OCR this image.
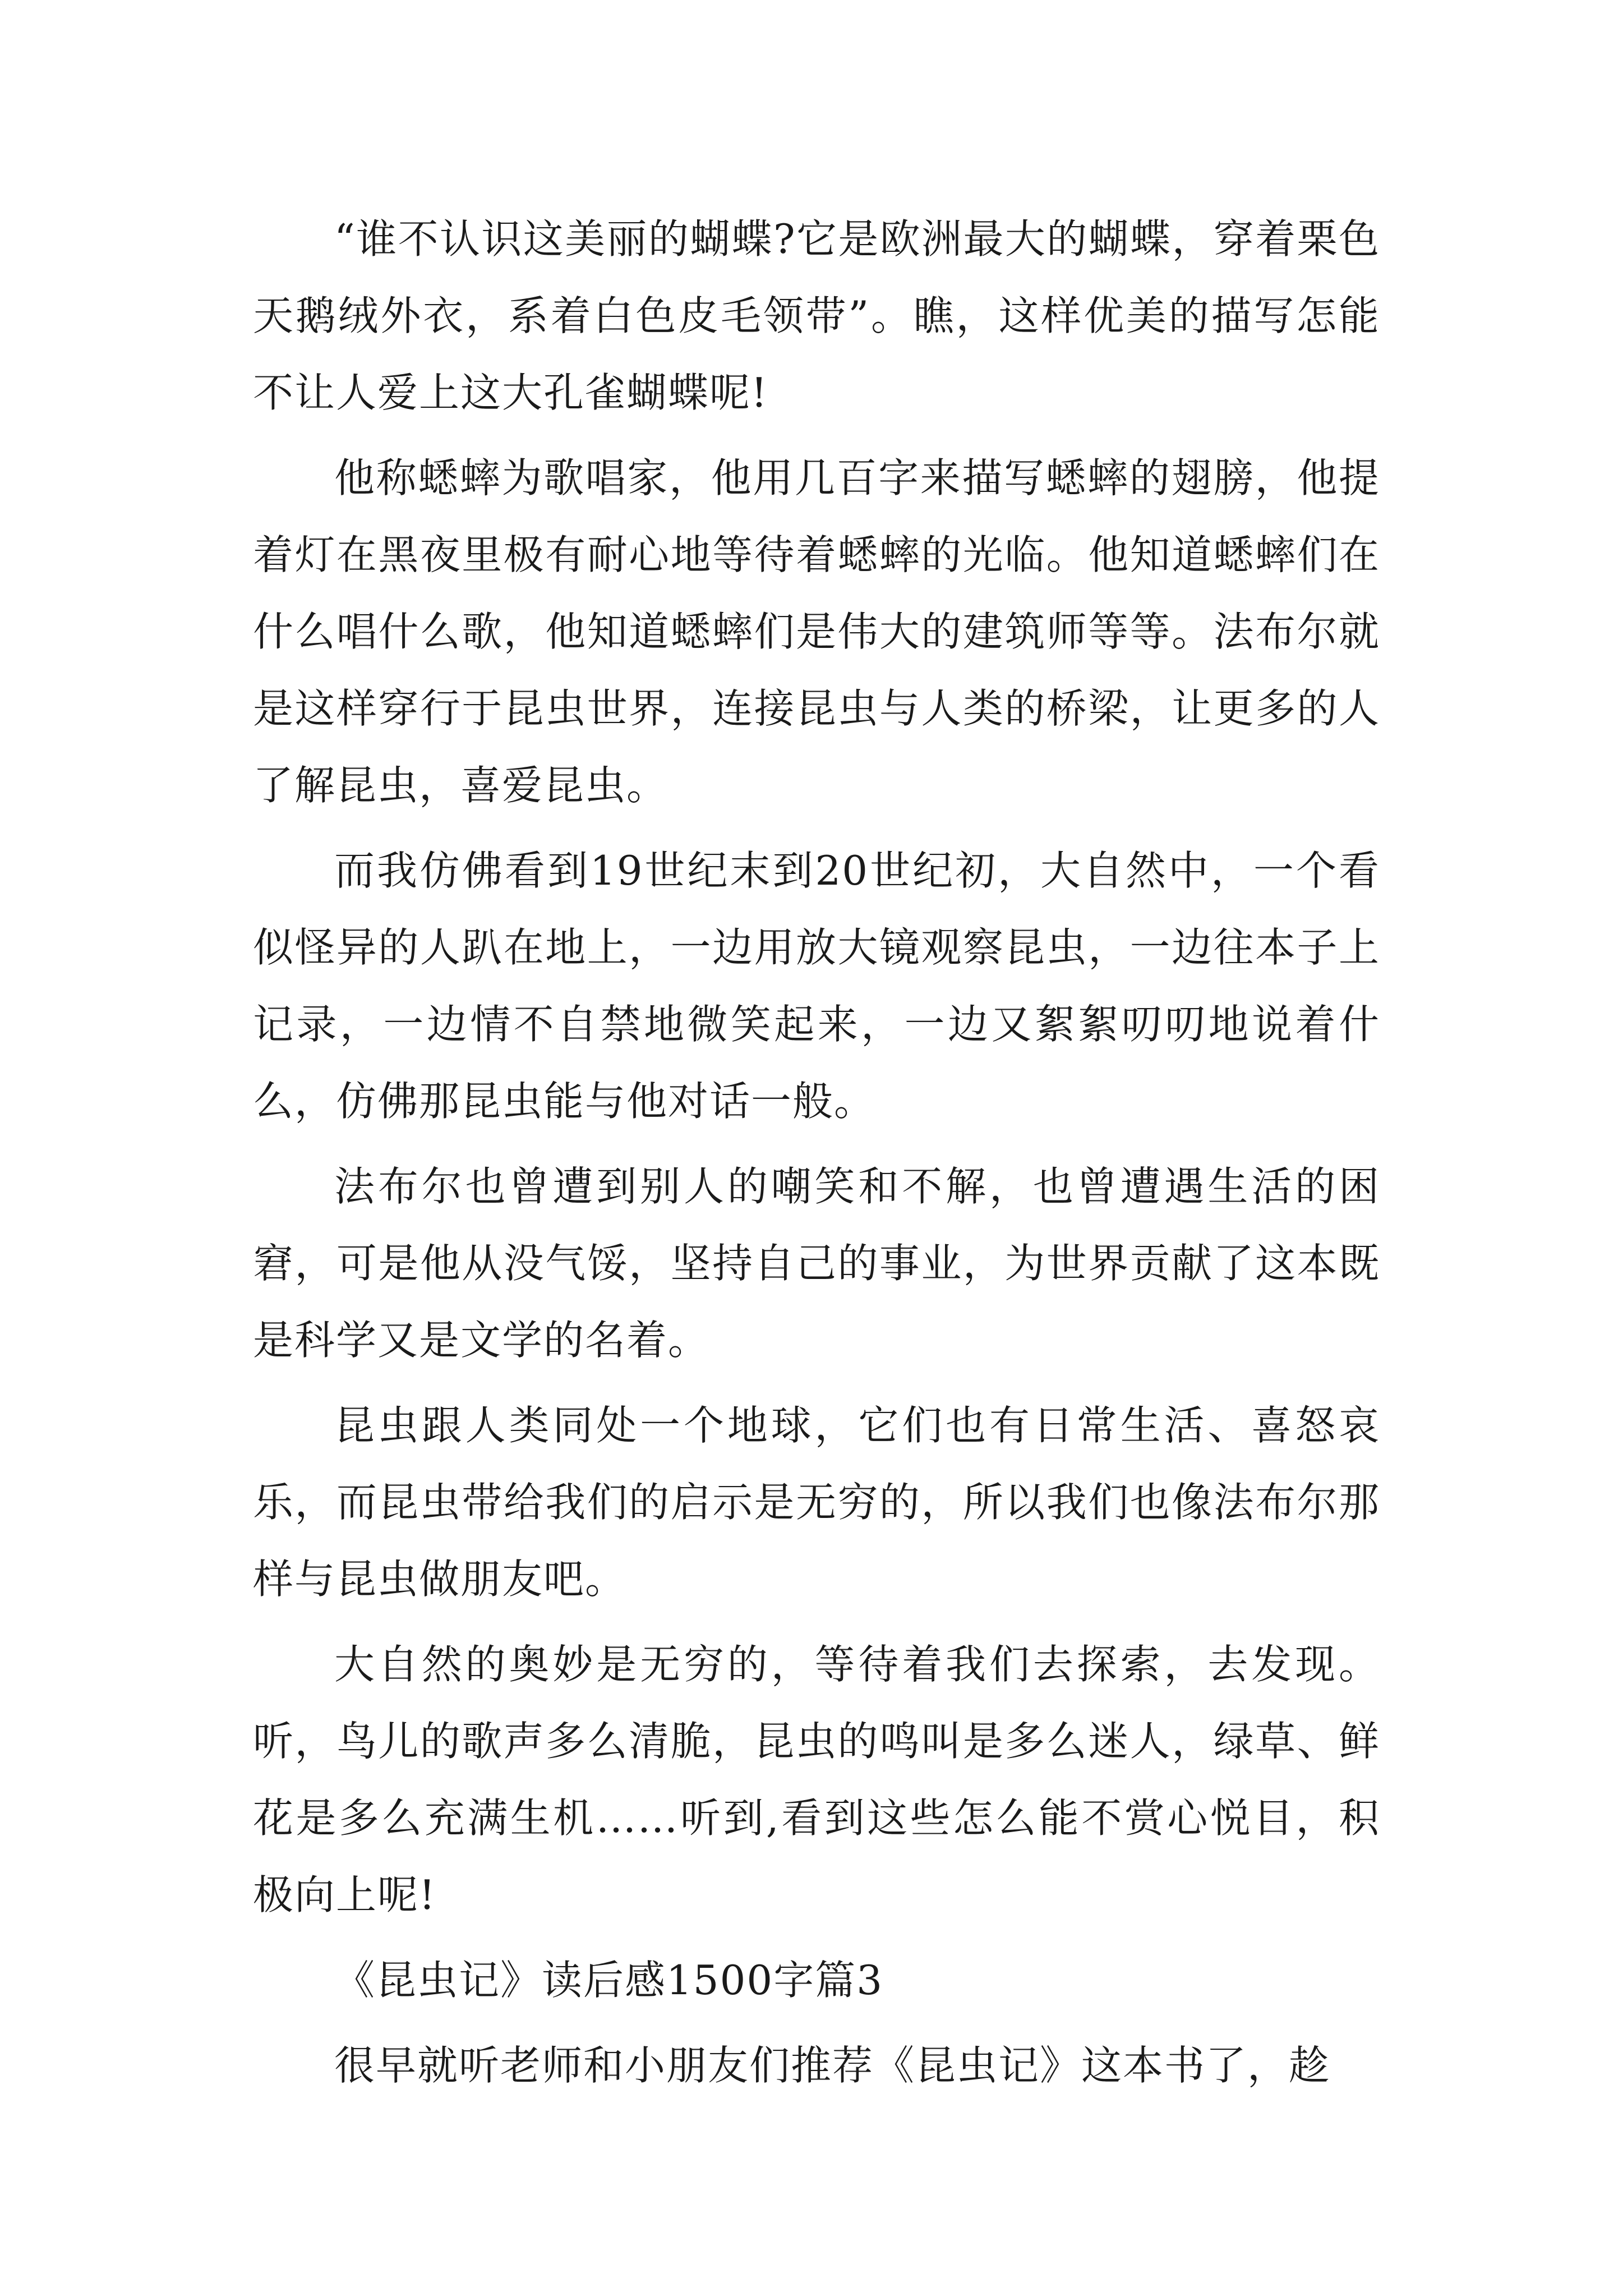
“谁不认识这美丽的蝴蝶?它是欧洲最大的蝴蝶，穿着栗色天鹅绒外衣，系着白色皮毛领带”。瞧，这样优美的描写怎能不让人爱上这大孔雀蝴蝶呢!

他称蟋蟀为歌唱家，他用几百字来描写蟋蟀的翅膀，他提着灯在黑夜里极有耐心地等待着蟋蟀的光临。他知道蟋蟀们在什么唱什么歌，他知道蟋蟀们是伟大的建筑师等等。法布尔就是这样穿行于昆虫世界，连接昆虫与人类的桥梁，让更多的人了解昆虫，喜爱昆虫。

而我仿佛看到19世纪末到20世纪初，大自然中，一个看似怪异的人趴在地上，一边用放大镜观察昆虫，一边往本子上记录，一边情不自禁地微笑起来，一边又絮絮叨叨地说着什么，仿佛那昆虫能与他对话一般。

法布尔也曾遭到别人的嘲笑和不解，也曾遭遇生活的困窘，可是他从没气馁，坚持自己的事业，为世界贡献了这本既是科学又是文学的名着。

昆虫跟人类同处一个地球，它们也有日常生活、喜怒哀乐，而昆虫带给我们的启示是无穷的，所以我们也像法布尔那样与昆虫做朋友吧。

大自然的奥妙是无穷的，等待着我们去探索，去发现。听，鸟儿的歌声多么清脆，昆虫的鸣叫是多么迷人，绿草、鲜花是多么充满生机……听到,看到这些怎么能不赏心悦目，积极向上呢!

《昆虫记》读后感1500字篇3

很早就听老师和小朋友们推荐《昆虫记》这本书了，趁
